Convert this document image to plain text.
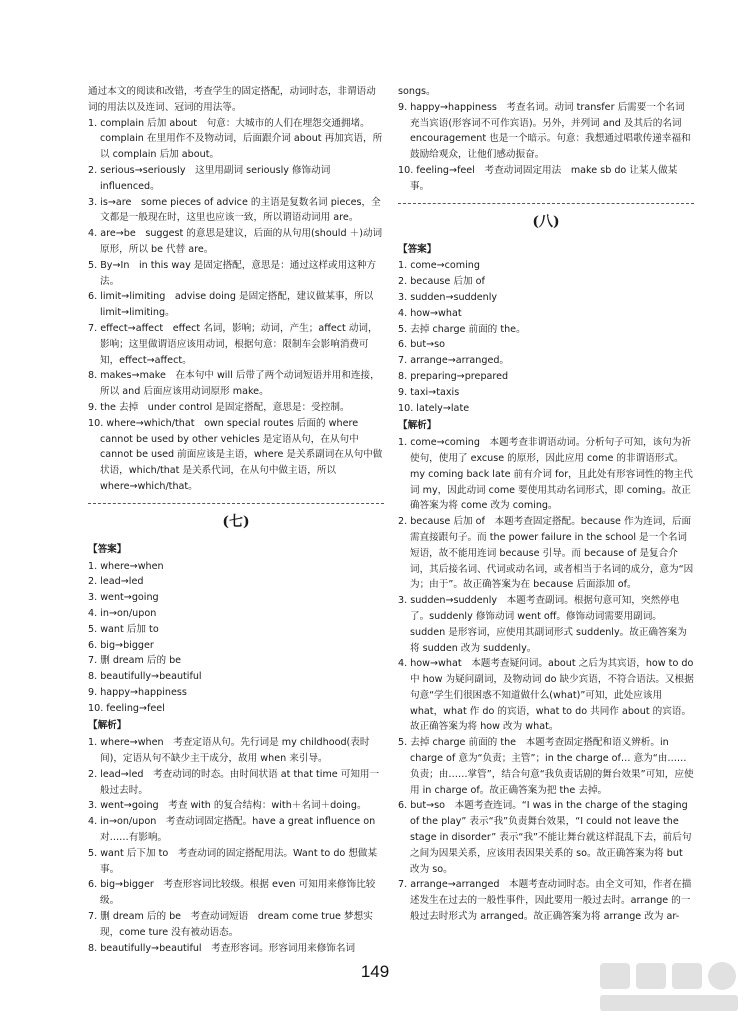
通过本文的阅读和改错，考查学生的固定搭配，动词时态，非谓语动词的用法以及连词、冠词的用法等。

1. complain 后加 about　句意：大城市的人们在埋怨交通拥堵。complain 在里用作不及物动词，后面跟介词 about 再加宾语，所以 complain 后加 about。

2. serious→seriously　这里用副词 seriously 修饰动词 influenced。

3. is→are　some pieces of advice 的主语是复数名词 pieces，全文都是一般现在时，这里也应该一致，所以谓语动词用 are。

4. are→be　suggest 的意思是建议，后面的从句用(should ＋)动词原形，所以 be 代替 are。

5. By→In　in this way 是固定搭配，意思是：通过这样或用这种方法。

6. limit→limiting　advise doing 是固定搭配，建议做某事，所以 limit→limiting。

7. effect→affect　effect 名词，影响；动词，产生；affect 动词，影响；这里做谓语应该用动词，根据句意：限制车会影响消费可知，effect→affect。

8. makes→make　在本句中 will 后带了两个动词短语并用和连接，所以 and 后面应该用动词原形 make。

9. the 去掉　under control 是固定搭配，意思是：受控制。

10. where→which/that　own special routes 后面的 where cannot be used by other vehicles 是定语从句，在从句中 cannot be used 前面应该是主语，where 是关系副词在从句中做状语，which/that 是关系代词，在从句中做主语，所以 where→which/that。

(七)

【答案】

1. where→when

2. lead→led

3. went→going

4. in→on/upon

5. want 后加 to

6. big→bigger

7. 删 dream 后的 be

8. beautifully→beautiful

9. happy→happiness

10. feeling→feel

【解析】

1. where→when　考查定语从句。先行词是 my childhood(表时间)，定语从句不缺少主干成分，故用 when 来引导。

2. lead→led　考查动词的时态。由时间状语 at that time 可知用一般过去时。

3. went→going　考查 with 的复合结构：with＋名词＋doing。

4. in→on/upon　考查动词固定搭配。have a great influence on 对……有影响。

5. want 后下加 to　考查动词的固定搭配用法。Want to do 想做某事。

6. big→bigger　考查形容词比较级。根据 even 可知用来修饰比较级。

7. 删 dream 后的 be　考查动词短语　dream come true 梦想实现，come ture 没有被动语态。

8. beautifully→beautiful　考查形容词。形容词用来修饰名词

songs。

9. happy→happiness　考查名词。动词 transfer 后需要一个名词充当宾语(形容词不可作宾语)。另外，并列词 and 及其后的名词 encouragement 也是一个暗示。句意：我想通过唱歌传递幸福和鼓励给观众，让他们感动振奋。

10. feeling→feel　考查动词固定用法　make sb do 让某人做某事。

(八)

【答案】

1. come→coming

2. because 后加 of

3. sudden→suddenly

4. how→what

5. 去掉 charge 前面的 the。

6. but→so

7. arrange→arranged。

8. preparing→prepared

9. taxi→taxis

10. lately→late

【解析】

1. come→coming　本题考查非谓语动词。分析句子可知，该句为祈使句，使用了 excuse 的原形，因此应用 come 的非谓语形式。my coming back late 前有介词 for，且此处有形容词性的物主代词 my，因此动词 come 要使用其动名词形式，即 coming。故正确答案为将 come 改为 coming。

2. because 后加 of　本题考查固定搭配。because 作为连词，后面需直接跟句子。而 the power failure in the school 是一个名词短语，故不能用连词 because 引导。而 because of 是复合介词，其后接名词、代词或动名词，或者相当于名词的成分，意为“因为；由于”。故正确答案为在 because 后面添加 of。

3. sudden→suddenly　本题考查副词。根据句意可知，突然停电了。suddenly 修饰动词 went off。修饰动词需要用副词。sudden 是形容词，应使用其副词形式 suddenly。故正确答案为将 sudden 改为 suddenly。

4. how→what　本题考查疑问词。about 之后为其宾语，how to do 中 how 为疑问副词，及物动词 do 缺少宾语，不符合语法。又根据句意“学生们很困惑不知道做什么(what)”可知，此处应该用 what，what 作 do 的宾语，what to do 共同作 about 的宾语。故正确答案为将 how 改为 what。

5. 去掉 charge 前面的 the　本题考查固定搭配和语义辨析。in charge of 意为“负责；主管”；in the charge of… 意为“由……负责；由……掌管”，结合句意“我负责话剧的舞台效果”可知，应使用 in charge of。故正确答案为把 the 去掉。

6. but→so　本题考查连词。“I was in the charge of the staging of the play” 表示“我”负责舞台效果，“I could not leave the stage in disorder” 表示“我”不能让舞台就这样混乱下去，前后句之间为因果关系，应该用表因果关系的 so。故正确答案为将 but 改为 so。

7. arrange→arranged　本题考查动词时态。由全文可知，作者在描述发生在过去的一般性事件，因此要用一般过去时。arrange 的一般过去时形式为 arranged。故正确答案为将 arrange 改为 ar-

149
